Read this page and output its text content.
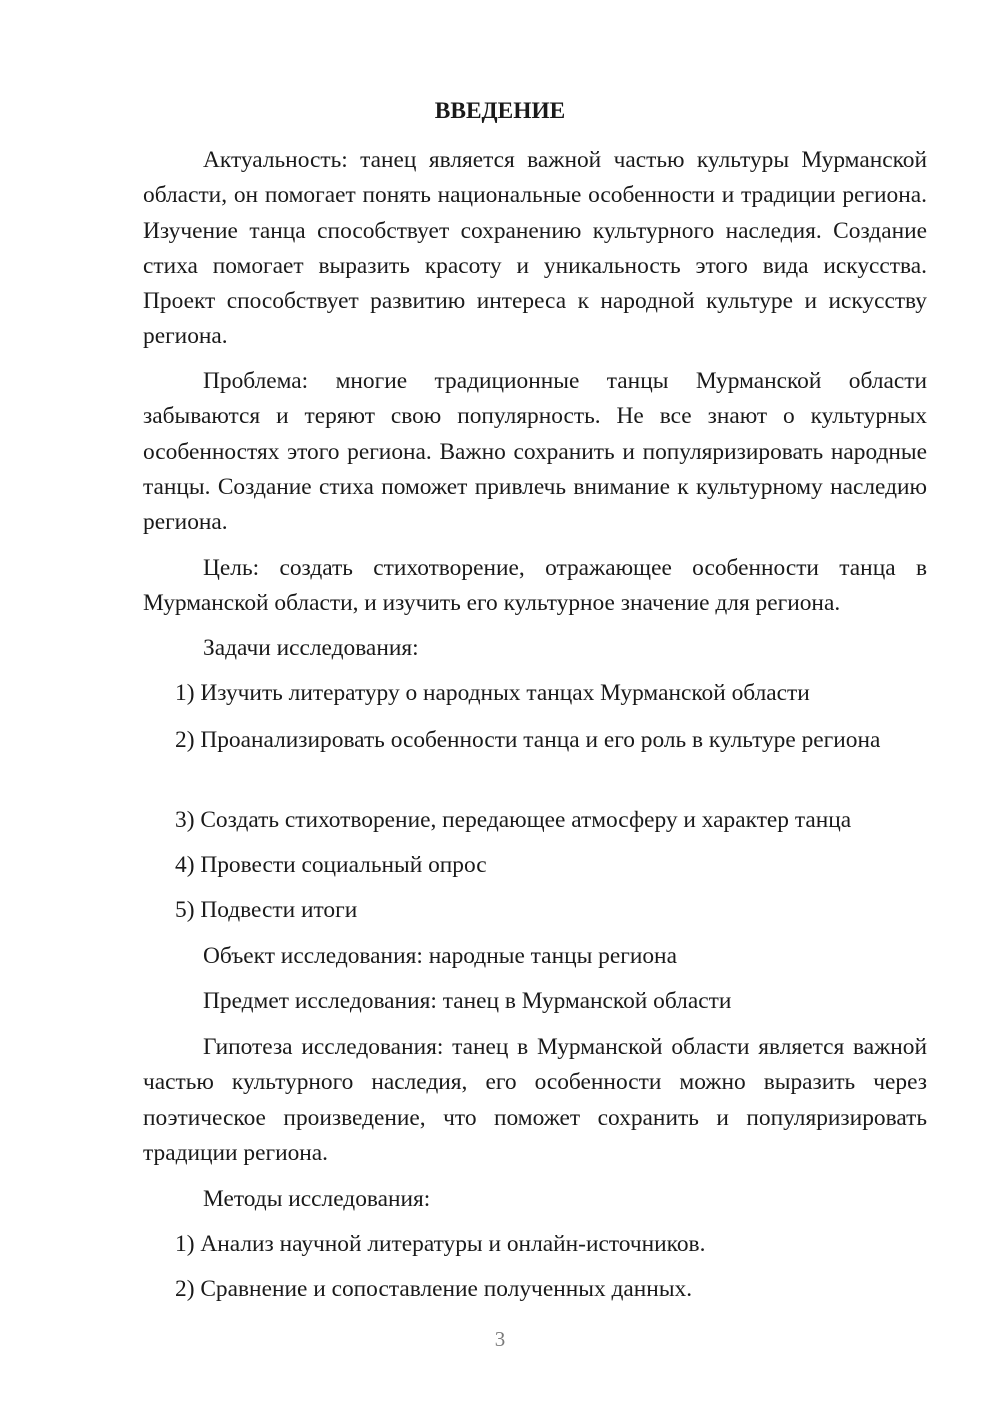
ВВЕДЕНИЕ

Актуальность: танец является важной частью культуры Мурманской области, он помогает понять национальные особенности и традиции региона. Изучение танца способствует сохранению культурного наследия. Создание стиха помогает выразить красоту и уникальность этого вида искусства. Проект способствует развитию интереса к народной культуре и искусству региона.

Проблема: многие традиционные танцы Мурманской области забываются и теряют свою популярность. Не все знают о культурных особенностях этого региона. Важно сохранить и популяризировать народные танцы. Создание стиха поможет привлечь внимание к культурному наследию региона.

Цель: создать стихотворение, отражающее особенности танца в Мурманской области, и изучить его культурное значение для региона.

Задачи исследования:

1) Изучить литературу о народных танцах Мурманской области

2) Проанализировать особенности танца и его роль в культуре региона

3) Создать стихотворение, передающее атмосферу и характер танца

4) Провести социальный опрос

5) Подвести итоги

Объект исследования: народные танцы региона

Предмет исследования: танец в Мурманской области

Гипотеза исследования: танец в Мурманской области является важной частью культурного наследия, его особенности можно выразить через поэтическое произведение, что поможет сохранить и популяризировать традиции региона.

Методы исследования:

1) Анализ научной литературы и онлайн-источников.

2) Сравнение и сопоставление полученных данных.

3
